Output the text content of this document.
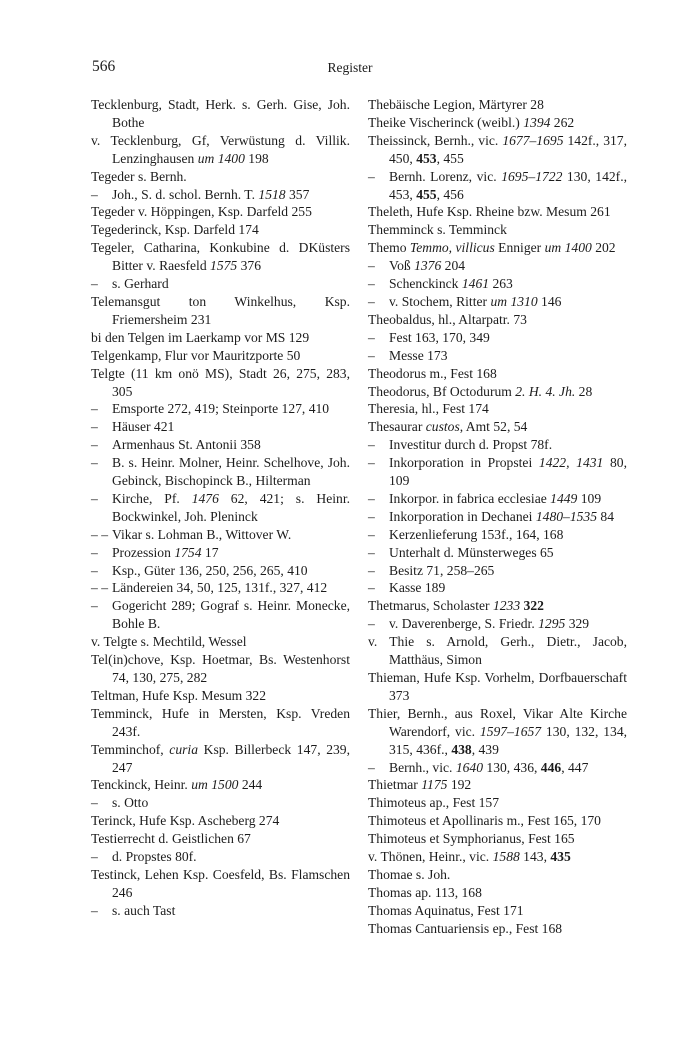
566	Register
Tecklenburg, Stadt, Herk. s. Gerh. Gise, Joh. Bothe
v. Tecklenburg, Gf, Verwüstung d. Villik. Lenzinghausen um 1400 198
Tegeder s. Bernh.
– Joh., S. d. schol. Bernh. T. 1518 357
Tegeder v. Höppingen, Ksp. Darfeld 255
Tegederinck, Ksp. Darfeld 174
Tegeler, Catharina, Konkubine d. DKüsters Bitter v. Raesfeld 1575 376
– s. Gerhard
Telemansgut ton Winkelhus, Ksp. Friemersheim 231
bi den Telgen im Laerkamp vor MS 129
Telgenkamp, Flur vor Mauritzporte 50
Telgte (11 km onö MS), Stadt 26, 275, 283, 305
– Emsporte 272, 419; Steinporte 127, 410
– Häuser 421
– Armenhaus St. Antonii 358
– B. s. Heinr. Molner, Heinr. Schelhove, Joh. Gebinck, Bischopinck B., Hilterman
– Kirche, Pf. 1476 62, 421; s. Heinr. Bockwinkel, Joh. Pleninck
– – Vikar s. Lohman B., Wittover W.
– Prozession 1754 17
– Ksp., Güter 136, 250, 256, 265, 410
– – Ländereien 34, 50, 125, 131f., 327, 412
– Gogericht 289; Gograf s. Heinr. Monecke, Bohle B.
v. Telgte s. Mechtild, Wessel
Tel(in)chove, Ksp. Hoetmar, Bs. Westenhorst 74, 130, 275, 282
Teltman, Hufe Ksp. Mesum 322
Temminck, Hufe in Mersten, Ksp. Vreden 243f.
Temminchof, curia Ksp. Billerbeck 147, 239, 247
Tenckinck, Heinr. um 1500 244
– s. Otto
Terinck, Hufe Ksp. Ascheberg 274
Testierrecht d. Geistlichen 67
– d. Propstes 80f.
Testinck, Lehen Ksp. Coesfeld, Bs. Flamschen 246
– s. auch Tast
Thebäische Legion, Märtyrer 28
Theike Vischerinck (weibl.) 1394 262
Theissinck, Bernh., vic. 1677–1695 142f., 317, 450, 453, 455
– Bernh. Lorenz, vic. 1695–1722 130, 142f., 453, 455, 456
Theleth, Hufe Ksp. Rheine bzw. Mesum 261
Themminck s. Temminck
Themo Temmo, villicus Enniger um 1400 202
– Voß 1376 204
– Schenckinck 1461 263
– v. Stochem, Ritter um 1310 146
Theobaldus, hl., Altarpatr. 73
– Fest 163, 170, 349
– Messe 173
Theodorus m., Fest 168
Theodorus, Bf Octodurum 2. H. 4. Jh. 28
Theresia, hl., Fest 174
Thesaurar custos, Amt 52, 54
– Investitur durch d. Propst 78f.
– Inkorporation in Propstei 1422, 1431 80, 109
– Inkorpor. in fabrica ecclesiae 1449 109
– Inkorporation in Dechanei 1480–1535 84
– Kerzenlieferung 153f., 164, 168
– Unterhalt d. Münsterweges 65
– Besitz 71, 258–265
– Kasse 189
Thetmarus, Scholaster 1233 322
– v. Daverenberge, S. Friedr. 1295 329
v. Thie s. Arnold, Gerh., Dietr., Jacob, Matthäus, Simon
Thieman, Hufe Ksp. Vorhelm, Dorfbauerschaft 373
Thier, Bernh., aus Roxel, Vikar Alte Kirche Warendorf, vic. 1597–1657 130, 132, 134, 315, 436f., 438, 439
– Bernh., vic. 1640 130, 436, 446, 447
Thietmar 1175 192
Thimoteus ap., Fest 157
Thimoteus et Apollinaris m., Fest 165, 170
Thimoteus et Symphorianus, Fest 165
v. Thönen, Heinr., vic. 1588 143, 435
Thomae s. Joh.
Thomas ap. 113, 168
Thomas Aquinatus, Fest 171
Thomas Cantuariensis ep., Fest 168
